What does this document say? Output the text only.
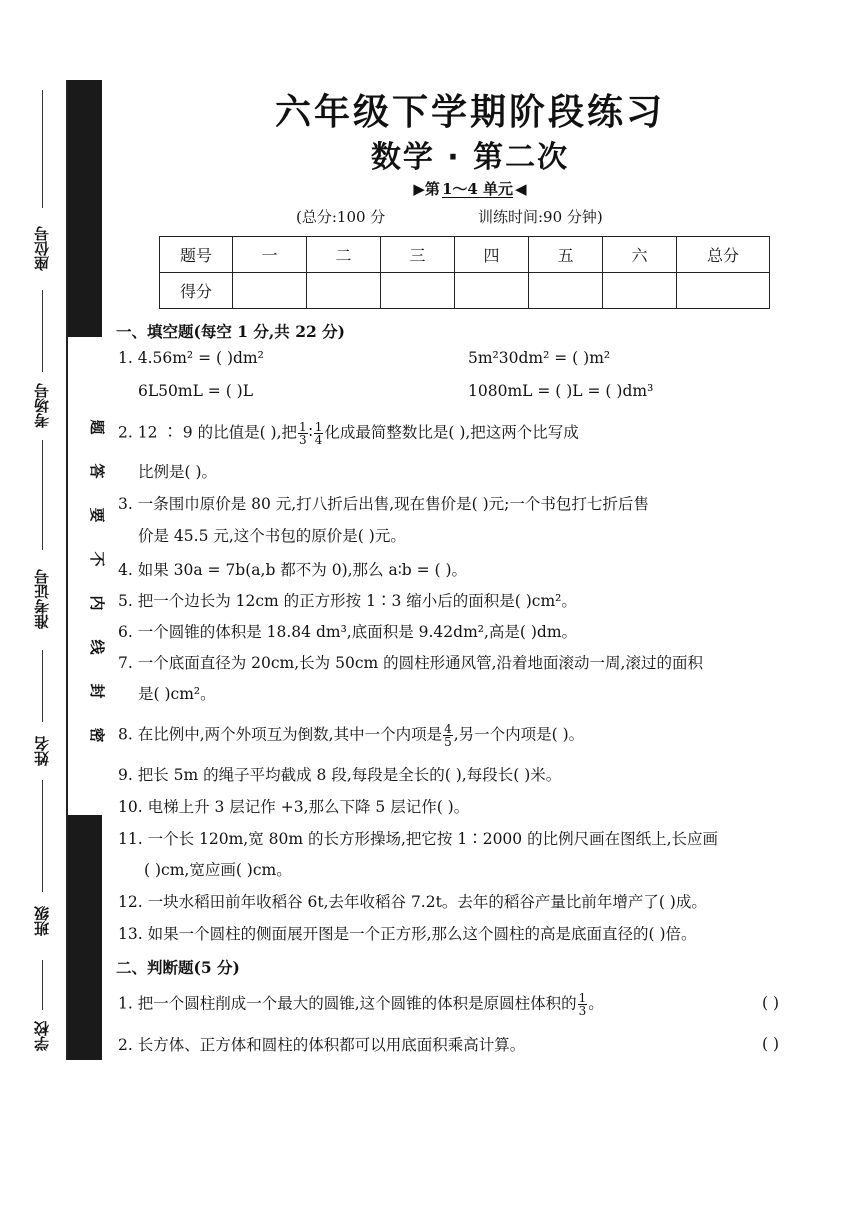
题
答
要
不
内
线
封
密
座位号
考场号
准考证号
姓名
班级
学校
六年级下学期阶段练习
数学 · 第二次
▶第 1～4 单元 ◀
(总分:100 分	训练时间:90 分钟)
题号	一	二	三	四	五	六	总分
得分							
一、填空题(每空 1 分,共 22 分)
1. 4.56m² = ( )dm²	5m²30dm² = ( )m²
6L50mL = ( )L	1080mL = ( )L = ( )dm³
2. 12 ∶ 9 的比值是( ),把 $\frac{1}{3}$ ∶ $\frac{1}{4}$ 化成最简整数比是( ),把这两个比写成
比例是( )。
3. 一条围巾原价是 80 元,打八折后出售,现在售价是( )元;一个书包打七折后售
价是 45.5 元,这个书包的原价是( )元。
4. 如果 30a = 7b(a,b 都不为 0),那么 a∶b = ( )。
5. 把一个边长为 12cm 的正方形按 1∶3 缩小后的面积是( )cm²。
6. 一个圆锥的体积是 18.84 dm³,底面积是 9.42dm²,高是( )dm。
7. 一个底面直径为 20cm,长为 50cm 的圆柱形通风管,沿着地面滚动一周,滚过的面积
是( )cm²。
8. 在比例中,两个外项互为倒数,其中一个内项是 $\frac{4}{5}$ ,另一个内项是( )。
9. 把长 5m 的绳子平均截成 8 段,每段是全长的( ),每段长( )米。
10. 电梯上升 3 层记作 +3,那么下降 5 层记作( )。
11. 一个长 120m,宽 80m 的长方形操场,把它按 1∶2000 的比例尺画在图纸上,长应画
( )cm,宽应画( )cm。
12. 一块水稻田前年收稻谷 6t,去年收稻谷 7.2t。去年的稻谷产量比前年增产了( )成。
13. 如果一个圆柱的侧面展开图是一个正方形,那么这个圆柱的高是底面直径的( )倍。
二、判断题(5 分)
1. 把一个圆柱削成一个最大的圆锥,这个圆锥的体积是原圆柱体积的 $\frac{1}{3}$ 。	( )
2. 长方体、正方体和圆柱的体积都可以用底面积乘高计算。	( )
